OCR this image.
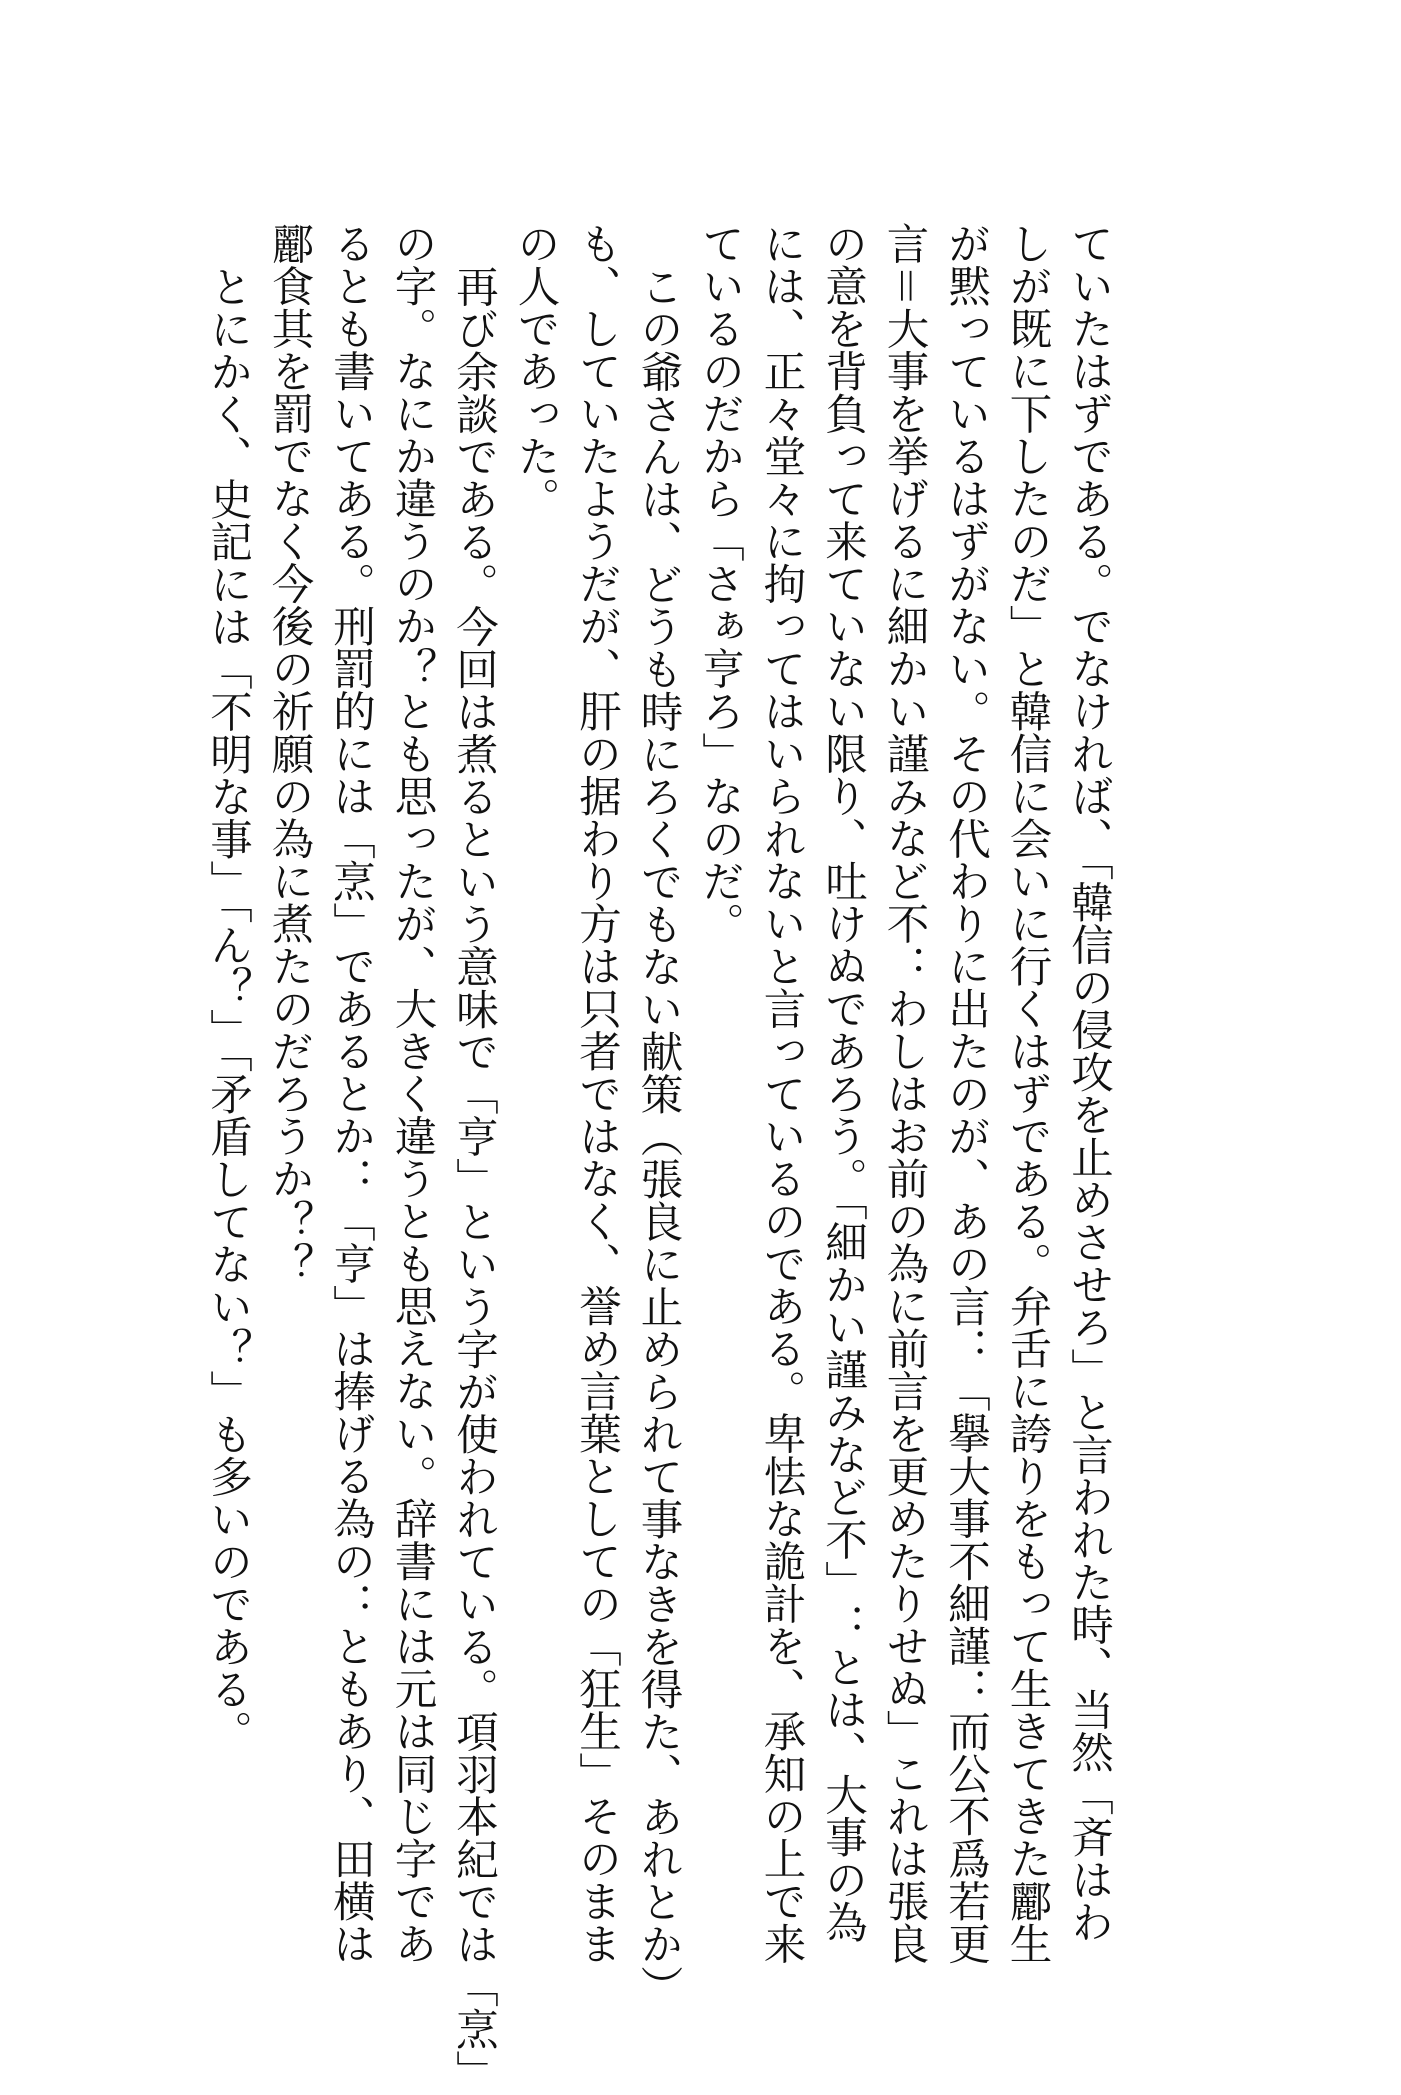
ていたはずである。でなければ、「韓信の侵攻を止めさせろ」と言われた時、当然「斉はわ
しが既に下したのだ」と韓信に会いに行くはずである。弁舌に誇りをもって生きてきた酈生
が黙っているはずがない。その代わりに出たのが、あの言：「擧大事不細謹：而公不爲若更
言＝大事を挙げるに細かい謹みなど不：わしはお前の為に前言を更めたりせぬ」これは張良
の意を背負って来ていない限り、吐けぬであろう。「細かい謹みなど不」：とは、大事の為
には、正々堂々に拘ってはいられないと言っているのである。卑怯な詭計を、承知の上で来
ているのだから「さぁ亨ろ」なのだ。
この爺さんは、どうも時にろくでもない献策（張良に止められて事なきを得た、あれとか）
も、していたようだが、肝の据わり方は只者ではなく、誉め言葉としての「狂生」そのまま
の人であった。
再び余談である。今回は煮るという意味で「亨」という字が使われている。項羽本紀では「烹」
の字。なにか違うのか？とも思ったが、大きく違うとも思えない。辞書には元は同じ字であ
るとも書いてある。刑罰的には「烹」であるとか：「亨」は捧げる為の：ともあり、田横は
酈食其を罰でなく今後の祈願の為に煮たのだろうか？？
とにかく、史記には「不明な事」「ん？」「矛盾してない？」も多いのである。
